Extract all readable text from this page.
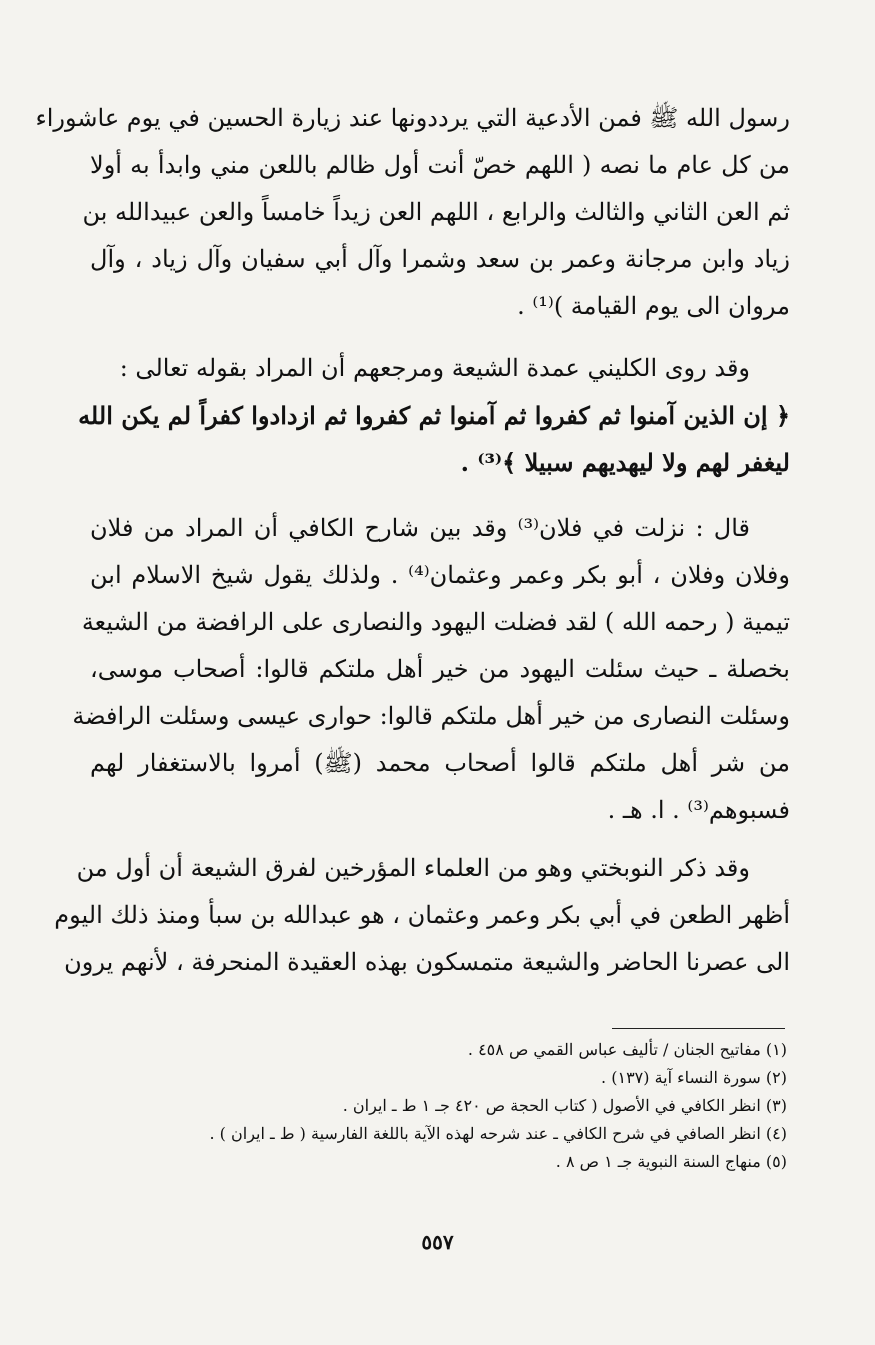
رسول الله ﷺ فمن الأدعية التي يرددونها عند زيارة الحسين في يوم عاشوراء
من كل عام ما نصه ( اللهم خصّ أنت أول ظالم باللعن مني وابدأ به أولا
ثم العن الثاني والثالث والرابع ، اللهم العن زيداً خامساً والعن عبيدالله بن
زياد وابن مرجانة وعمر بن سعد وشمرا وآل أبي سفيان وآل زياد ، وآل
مروان الى يوم القيامة )⁽¹⁾ .
وقد روى الكليني عمدة الشيعة ومرجعهم أن المراد بقوله تعالى :
﴿ إن الذين آمنوا ثم كفروا ثم آمنوا ثم كفروا ثم ازدادوا كفراً لم يكن الله
ليغفر لهم ولا ليهديهم سبيلا ﴾⁽³⁾ .
قال : نزلت في فلان⁽³⁾ وقد بين شارح الكافي أن المراد من فلان
وفلان وفلان ، أبو بكر وعمر وعثمان⁽⁴⁾ . ولذلك يقول شيخ الاسلام ابن
تيمية ( رحمه الله ) لقد فضلت اليهود والنصارى على الرافضة من الشيعة
بخصلة ـ حيث سئلت اليهود من خير أهل ملتكم قالوا: أصحاب موسى،
وسئلت النصارى من خير أهل ملتكم قالوا: حوارى عيسى وسئلت الرافضة
من شر أهل ملتكم قالوا أصحاب محمد (ﷺ) أمروا بالاستغفار لهم
فسبوهم⁽³⁾ . ا. هـ .
وقد ذكر النوبختي وهو من العلماء المؤرخين لفرق الشيعة أن أول من
أظهر الطعن في أبي بكر وعمر وعثمان ، هو عبدالله بن سبأ ومنذ ذلك اليوم
الى عصرنا الحاضر والشيعة متمسكون بهذه العقيدة المنحرفة ، لأنهم يرون
(١) مفاتيح الجنان / تأليف عباس القمي ص ٤٥٨ .
(٢) سورة النساء آية (١٣٧) .
(٣) انظر الكافي في الأصول ( كتاب الحجة ص ٤٢٠ جـ ١ ط ـ ايران .
(٤) انظر الصافي في شرح الكافي ـ عند شرحه لهذه الآية باللغة الفارسية ( ط ـ ايران ) .
(٥) منهاج السنة النبوية جـ ١ ص ٨ .
٥٥٧
